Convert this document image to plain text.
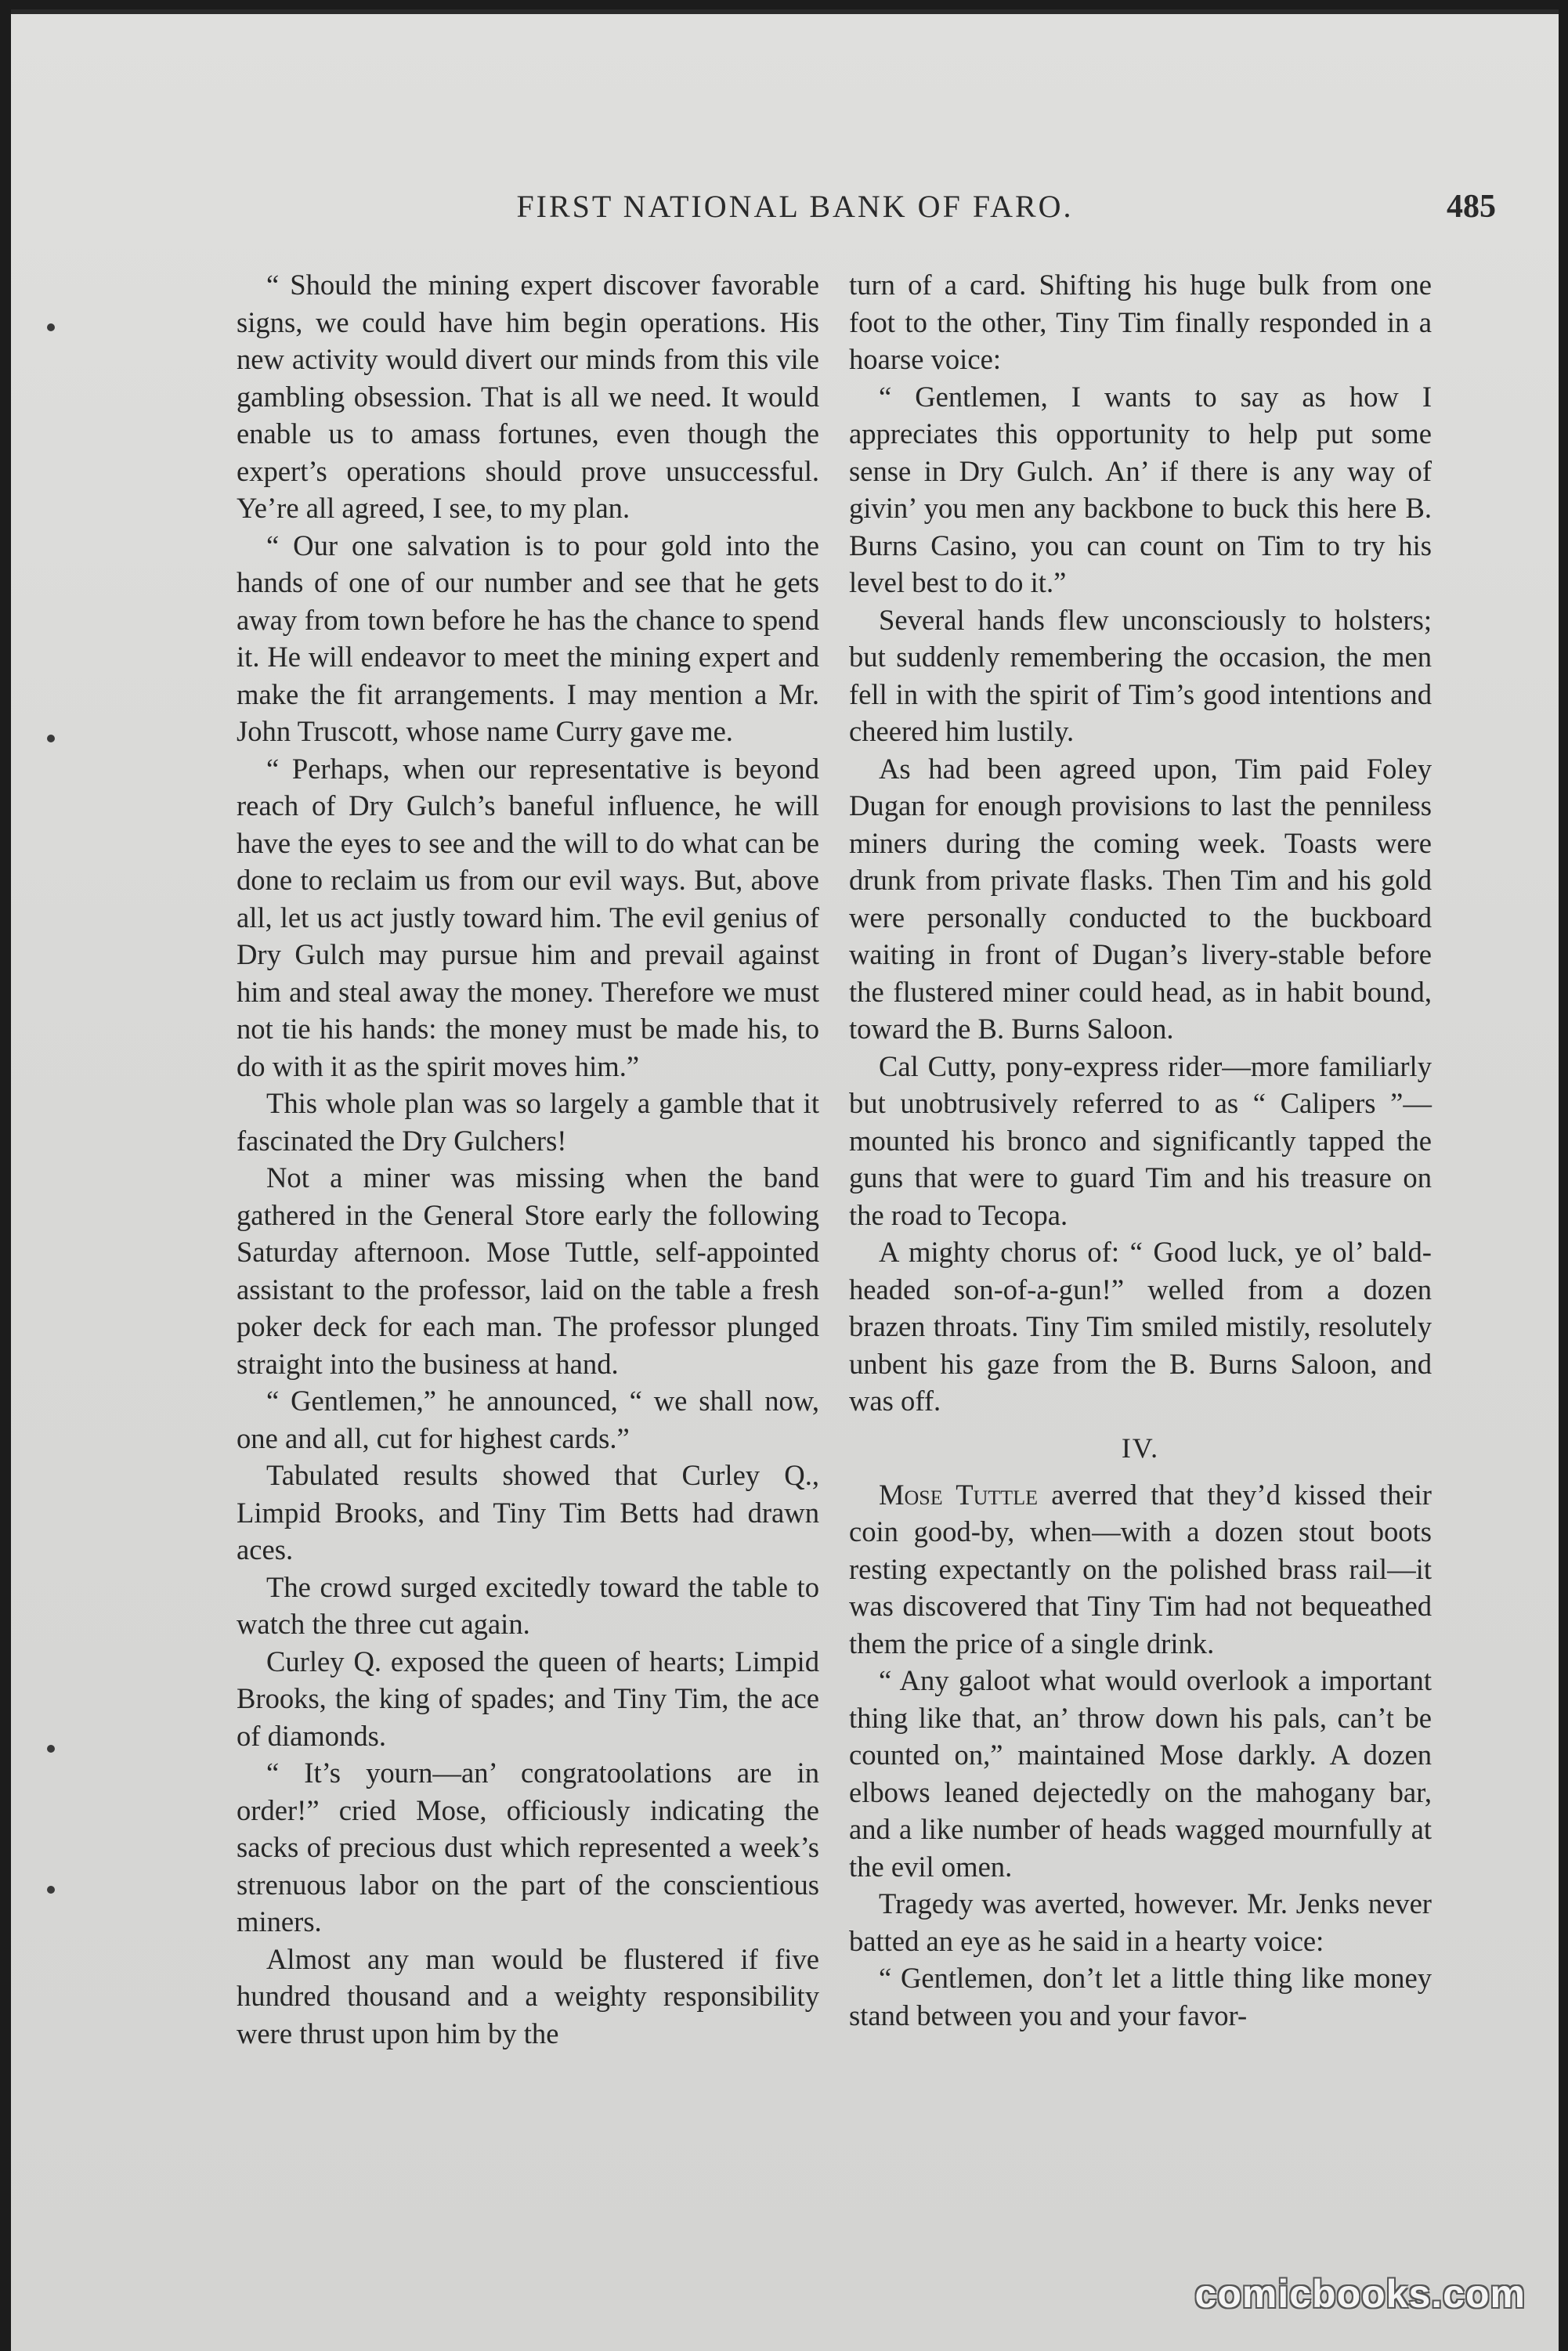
FIRST NATIONAL BANK OF FARO.	485

“ Should the mining expert discover favorable signs, we could have him begin operations. His new activity would divert our minds from this vile gambling obsession. That is all we need. It would enable us to amass fortunes, even though the expert’s operations should prove unsuccessful. Ye’re all agreed, I see, to my plan.

“ Our one salvation is to pour gold into the hands of one of our number and see that he gets away from town before he has the chance to spend it. He will endeavor to meet the mining expert and make the fit arrangements. I may mention a Mr. John Truscott, whose name Curry gave me.

“ Perhaps, when our representative is beyond reach of Dry Gulch’s baneful influence, he will have the eyes to see and the will to do what can be done to reclaim us from our evil ways. But, above all, let us act justly toward him. The evil genius of Dry Gulch may pursue him and prevail against him and steal away the money. Therefore we must not tie his hands: the money must be made his, to do with it as the spirit moves him.”

This whole plan was so largely a gamble that it fascinated the Dry Gulchers!

Not a miner was missing when the band gathered in the General Store early the following Saturday afternoon. Mose Tuttle, self-appointed assistant to the professor, laid on the table a fresh poker deck for each man. The professor plunged straight into the business at hand.

“ Gentlemen,” he announced, “ we shall now, one and all, cut for highest cards.”

Tabulated results showed that Curley Q., Limpid Brooks, and Tiny Tim Betts had drawn aces.

The crowd surged excitedly toward the table to watch the three cut again.

Curley Q. exposed the queen of hearts; Limpid Brooks, the king of spades; and Tiny Tim, the ace of diamonds.

“ It’s yourn—an’ congratoolations are in order!” cried Mose, officiously indicating the sacks of precious dust which represented a week’s strenuous labor on the part of the conscientious miners.

Almost any man would be flustered if five hundred thousand and a weighty responsibility were thrust upon him by the

turn of a card. Shifting his huge bulk from one foot to the other, Tiny Tim finally responded in a hoarse voice:

“ Gentlemen, I wants to say as how I appreciates this opportunity to help put some sense in Dry Gulch. An’ if there is any way of givin’ you men any backbone to buck this here B. Burns Casino, you can count on Tim to try his level best to do it.”

Several hands flew unconsciously to holsters; but suddenly remembering the occasion, the men fell in with the spirit of Tim’s good intentions and cheered him lustily.

As had been agreed upon, Tim paid Foley Dugan for enough provisions to last the penniless miners during the coming week. Toasts were drunk from private flasks. Then Tim and his gold were personally conducted to the buckboard waiting in front of Dugan’s livery-stable before the flustered miner could head, as in habit bound, toward the B. Burns Saloon.

Cal Cutty, pony-express rider—more familiarly but unobtrusively referred to as “ Calipers ”—mounted his bronco and significantly tapped the guns that were to guard Tim and his treasure on the road to Tecopa.

A mighty chorus of: “ Good luck, ye ol’ bald-headed son-of-a-gun!” welled from a dozen brazen throats. Tiny Tim smiled mistily, resolutely unbent his gaze from the B. Burns Saloon, and was off.

IV.

Mose Tuttle averred that they’d kissed their coin good-by, when—with a dozen stout boots resting expectantly on the polished brass rail—it was discovered that Tiny Tim had not bequeathed them the price of a single drink.

“ Any galoot what would overlook a important thing like that, an’ throw down his pals, can’t be counted on,” maintained Mose darkly. A dozen elbows leaned dejectedly on the mahogany bar, and a like number of heads wagged mournfully at the evil omen.

Tragedy was averted, however. Mr. Jenks never batted an eye as he said in a hearty voice:

“ Gentlemen, don’t let a little thing like money stand between you and your favor-

comicbooks.com
